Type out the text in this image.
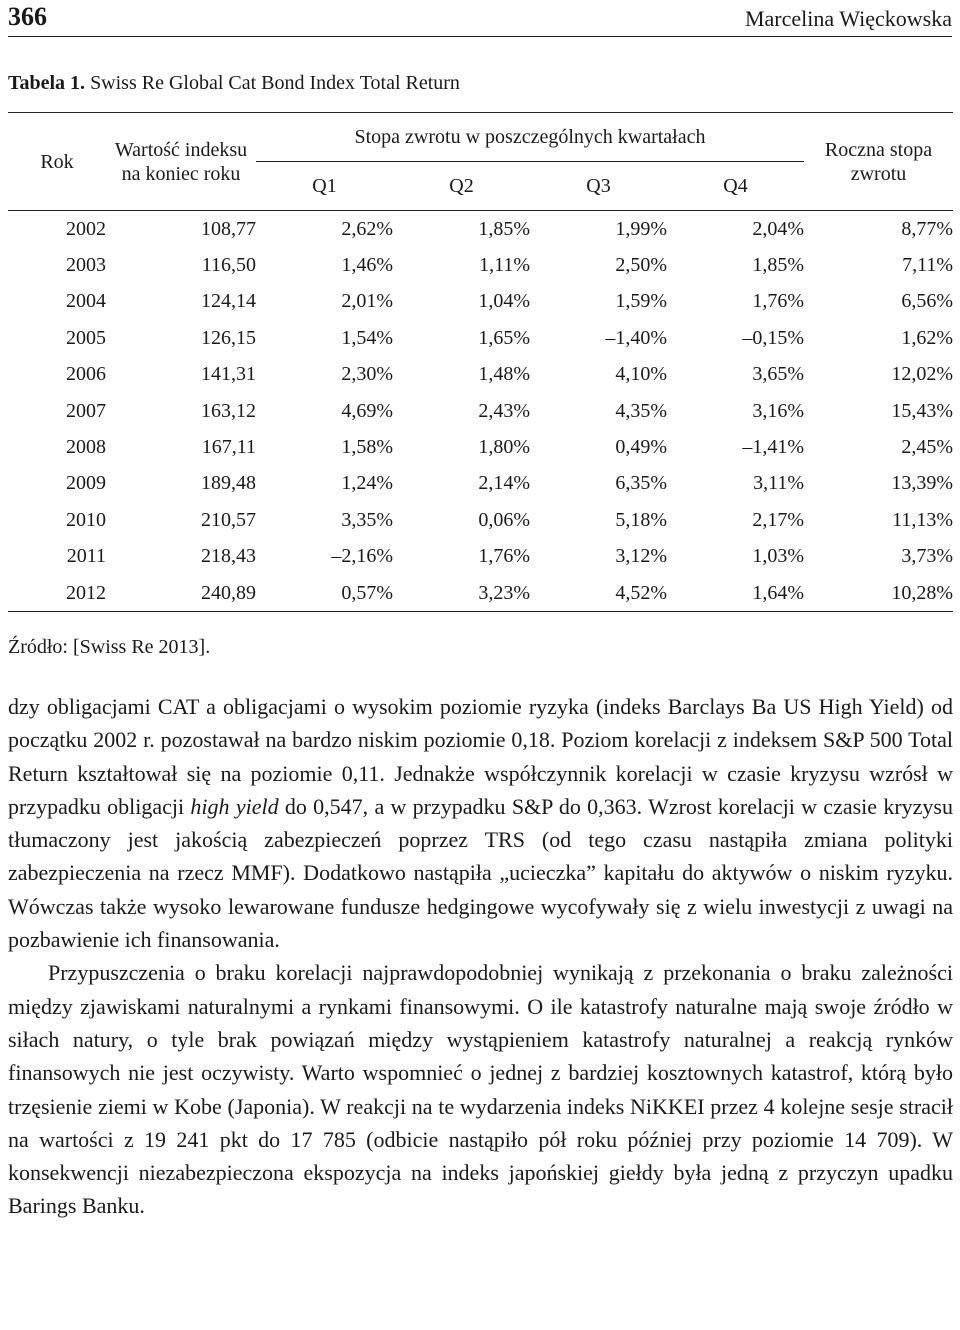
366	Marcelina Więckowska
Tabela 1. Swiss Re Global Cat Bond Index Total Return
Rok	Wartość indeksu na koniec roku	Stopa zwrotu w poszczególnych kwartałach				Roczna stopa zwrotu
		Q1	Q2	Q3	Q4	
2002	108,77	2,62%	1,85%	1,99%	2,04%	8,77%
2003	116,50	1,46%	1,11%	2,50%	1,85%	7,11%
2004	124,14	2,01%	1,04%	1,59%	1,76%	6,56%
2005	126,15	1,54%	1,65%	–1,40%	–0,15%	1,62%
2006	141,31	2,30%	1,48%	4,10%	3,65%	12,02%
2007	163,12	4,69%	2,43%	4,35%	3,16%	15,43%
2008	167,11	1,58%	1,80%	0,49%	–1,41%	2,45%
2009	189,48	1,24%	2,14%	6,35%	3,11%	13,39%
2010	210,57	3,35%	0,06%	5,18%	2,17%	11,13%
2011	218,43	–2,16%	1,76%	3,12%	1,03%	3,73%
2012	240,89	0,57%	3,23%	4,52%	1,64%	10,28%
Źródło: [Swiss Re 2013].

dzy obligacjami CAT a obligacjami o wysokim poziomie ryzyka (indeks Barclays Ba US High Yield) od początku 2002 r. pozostawał na bardzo niskim poziomie 0,18. Poziom korelacji z indeksem S&P 500 Total Return kształtował się na poziomie 0,11. Jednakże współczynnik korelacji w czasie kryzysu wzrósł w przypadku obligacji high yield do 0,547, a w przypadku S&P do 0,363. Wzrost korelacji w czasie kryzysu tłumaczony jest jakością zabezpieczeń poprzez TRS (od tego czasu nastąpiła zmiana polityki zabezpieczenia na rzecz MMF). Dodatkowo nastąpiła „ucieczka” kapitału do aktywów o niskim ryzyku. Wówczas także wysoko lewarowane fundusze hedgingowe wycofywały się z wielu inwestycji z uwagi na pozbawienie ich finansowania.

Przypuszczenia o braku korelacji najprawdopodobniej wynikają z przekonania o braku zależności między zjawiskami naturalnymi a rynkami finansowymi. O ile katastrofy naturalne mają swoje źródło w siłach natury, o tyle brak powiązań między wystąpieniem katastrofy naturalnej a reakcją rynków finansowych nie jest oczywisty. Warto wspomnieć o jednej z bardziej kosztownych katastrof, którą było trzęsienie ziemi w Kobe (Japonia). W reakcji na te wydarzenia indeks NiKKEI przez 4 kolejne sesje stracił na wartości z 19 241 pkt do 17 785 (odbicie nastąpiło pół roku później przy poziomie 14 709). W konsekwencji niezabezpieczona ekspozycja na indeks japońskiej giełdy była jedną z przyczyn upadku Barings Banku.
